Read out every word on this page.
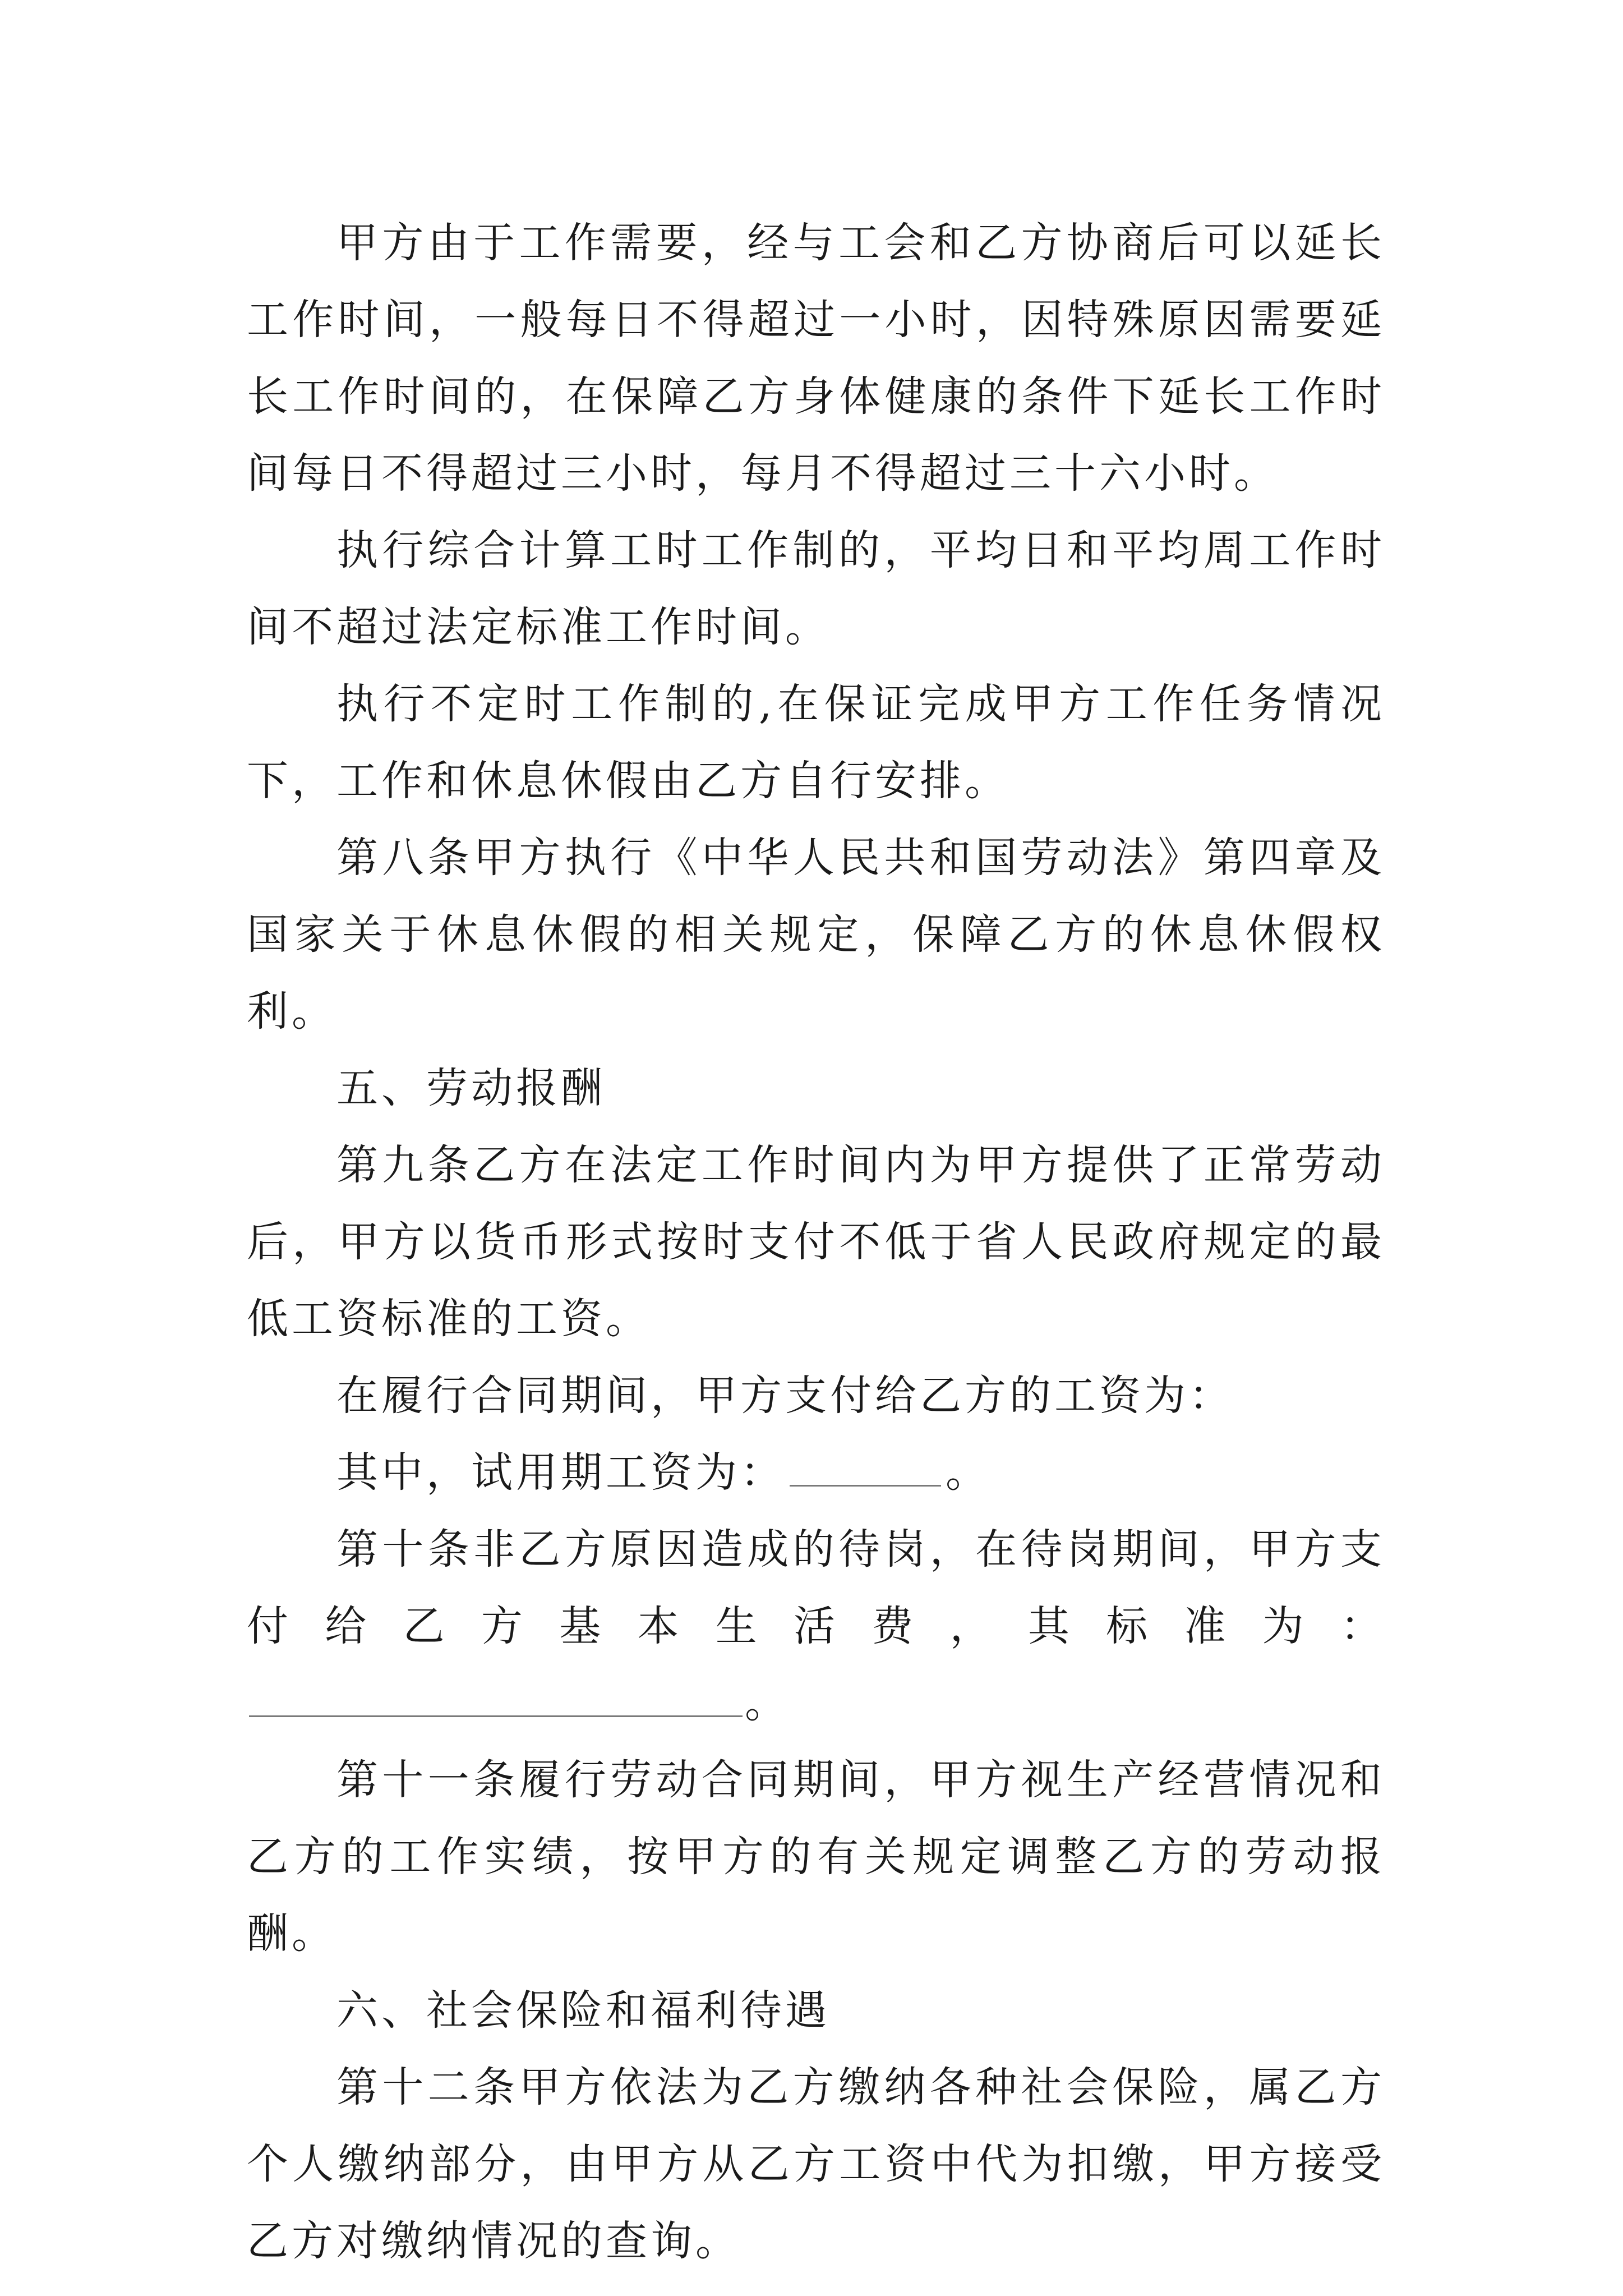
甲方由于工作需要，经与工会和乙方协商后可以延长工作时间，一般每日不得超过一小时，因特殊原因需要延长工作时间的，在保障乙方身体健康的条件下延长工作时间每日不得超过三小时，每月不得超过三十六小时。

执行综合计算工时工作制的，平均日和平均周工作时间不超过法定标准工作时间。

执行不定时工作制的,在保证完成甲方工作任务情况下，工作和休息休假由乙方自行安排。

第八条甲方执行《中华人民共和国劳动法》第四章及国家关于休息休假的相关规定，保障乙方的休息休假权利。

五、劳动报酬

第九条乙方在法定工作时间内为甲方提供了正常劳动后，甲方以货币形式按时支付不低于省人民政府规定的最低工资标准的工资。

在履行合同期间，甲方支付给乙方的工资为：

其中，试用期工资为：	。

第十条非乙方原因造成的待岗，在待岗期间，甲方支付给乙方基本生活费，其标准为：。

第十一条履行劳动合同期间，甲方视生产经营情况和乙方的工作实绩，按甲方的有关规定调整乙方的劳动报酬。

六、社会保险和福利待遇

第十二条甲方依法为乙方缴纳各种社会保险，属乙方个人缴纳部分，由甲方从乙方工资中代为扣缴，甲方接受乙方对缴纳情况的查询。
